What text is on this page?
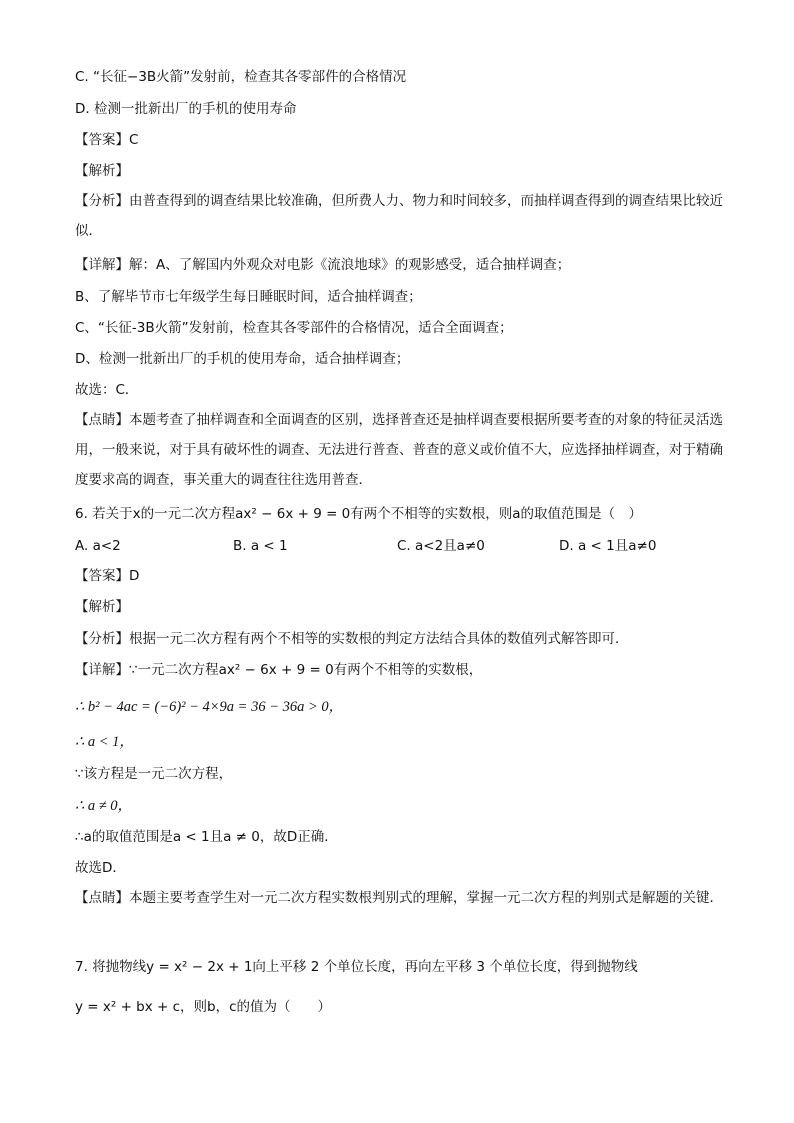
C. “长征−3B火箭”发射前，检查其各零部件的合格情况
D. 检测一批新出厂的手机的使用寿命
【答案】C
【解析】
【分析】由普查得到的调查结果比较准确，但所费人力、物力和时间较多，而抽样调查得到的调查结果比较近似．
【详解】解：A、了解国内外观众对电影《流浪地球》的观影感受，适合抽样调查；
B、了解毕节市七年级学生每日睡眠时间，适合抽样调查；
C、“长征-3B火箭”发射前，检查其各零部件的合格情况，适合全面调查；
D、检测一批新出厂的手机的使用寿命，适合抽样调查；
故选：C．
【点睛】本题考查了抽样调查和全面调查的区别，选择普查还是抽样调查要根据所要考查的对象的特征灵活选用，一般来说，对于具有破坏性的调查、无法进行普查、普查的意义或价值不大，应选择抽样调查，对于精确度要求高的调查，事关重大的调查往往选用普查．
6. 若关于x的一元二次方程ax² − 6x + 9 = 0有两个不相等的实数根，则a的取值范围是（　）
A. a<2	B. a < 1	C. a<2且a≠0	D. a < 1且a≠0
【答案】D
【解析】
【分析】根据一元二次方程有两个不相等的实数根的判定方法结合具体的数值列式解答即可．
【详解】∵一元二次方程ax² − 6x + 9 = 0有两个不相等的实数根，
∴ b² − 4ac = (−6)² − 4×9a = 36 − 36a > 0，
∴ a < 1，
∵该方程是一元二次方程，
∴ a ≠ 0，
∴a的取值范围是a < 1且a ≠ 0，故D正确．
故选D．
【点睛】本题主要考查学生对一元二次方程实数根判别式的理解，掌握一元二次方程的判别式是解题的关键．
7. 将抛物线y = x² − 2x + 1向上平移 2 个单位长度，再向左平移 3 个单位长度，得到抛物线
y = x² + bx + c，则b，c的值为（　　）
